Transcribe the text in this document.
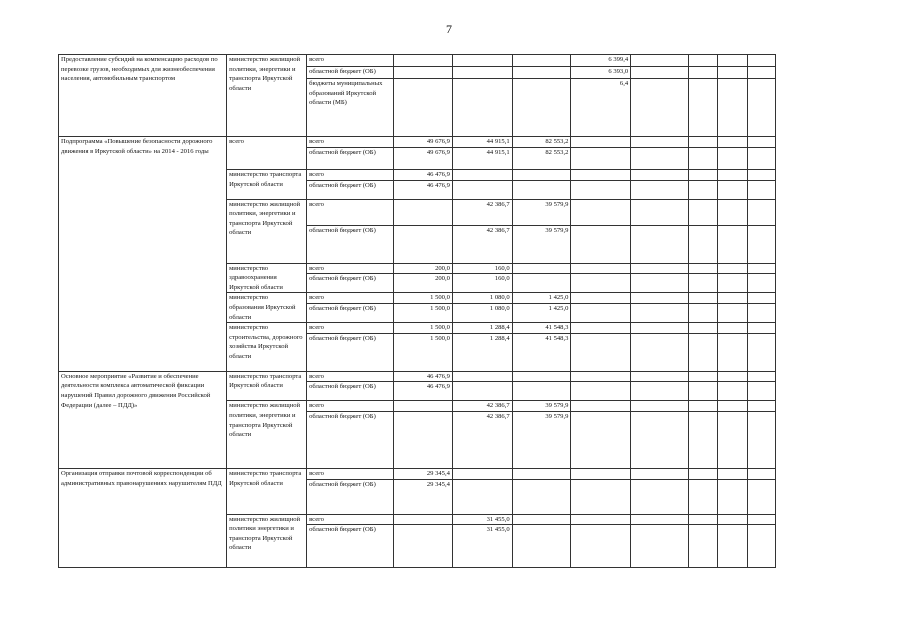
7
Предоставление субсидий на компенсацию расходов по перевозке грузов, необходимых для жизнеобеспечения населения, автомобильным транспортом	министерство жилищной политики, энергетики и транспорта Иркутской области	всего				6 399,4				
		областной бюджет (ОБ)				6 393,0				
		бюджеты муниципальных образований Иркутской области (МБ)				6,4				
Подпрограмма «Повышение безопасности дорожного движения в Иркутской области» на 2014 - 2016 годы	всего	всего	49 676,9	44 915,1	82 553,2					
		областной бюджет (ОБ)	49 676,9	44 915,1	82 553,2					
	министерство транспорта Иркутской области	всего	46 476,9							
		областной бюджет (ОБ)	46 476,9							
	министерство жилищной политики, энергетики и транспорта Иркутской области	всего		42 386,7	39 579,9					
		областной бюджет (ОБ)		42 386,7	39 579,9					
	министерство здравоохранения Иркутской области	всего	200,0	160,0						
		областной бюджет (ОБ)	200,0	160,0						
	министерство образования Иркутской области	всего	1 500,0	1 080,0	1 425,0					
		областной бюджет (ОБ)	1 500,0	1 080,0	1 425,0					
	министерство строительства, дорожного хозяйства Иркутской области	всего	1 500,0	1 288,4	41 548,3					
		областной бюджет (ОБ)	1 500,0	1 288,4	41 548,3					
Основное мероприятие «Развитие и обеспечение деятельности комплекса автоматической фиксации нарушений Правил дорожного движения Российской Федерации (далее – ПДД)»	министерство транспорта Иркутской области	всего	46 476,9							
		областной бюджет (ОБ)	46 476,9							
	министерство жилищной политики, энергетики и транспорта Иркутской области	всего		42 386,7	39 579,9					
		областной бюджет (ОБ)		42 386,7	39 579,9					
Организация отправки почтовой корреспонденции об административных правонарушениях нарушителям ПДД	министерство транспорта Иркутской области	всего	29 345,4							
		областной бюджет (ОБ)	29 345,4							
	министерство жилищной политики энергетики и транспорта Иркутской области	всего		31 455,0						
		областной бюджет (ОБ)		31 455,0						
